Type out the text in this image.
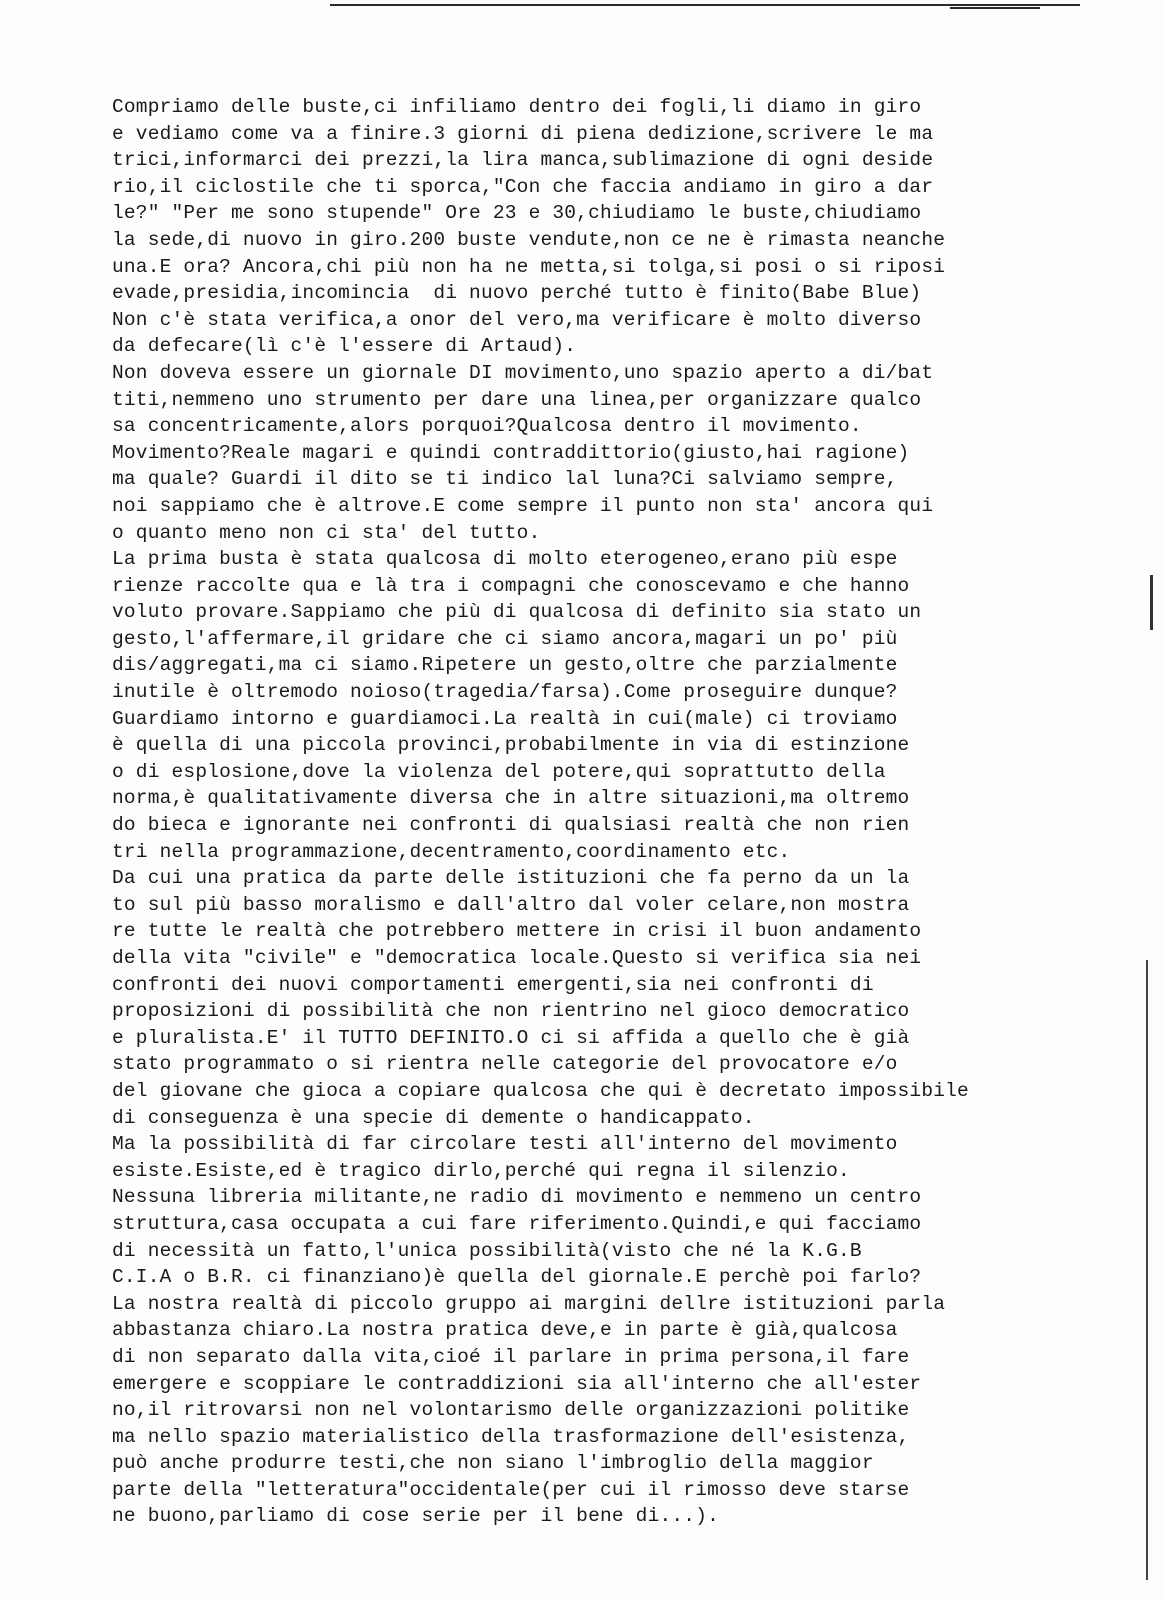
Compriamo delle buste,ci infiliamo dentro dei fogli,li diamo in giro
e vediamo come va a finire.3 giorni di piena dedizione,scrivere le ma
trici,informarci dei prezzi,la lira manca,sublimazione di ogni deside
rio,il ciclostile che ti sporca,"Con che faccia andiamo in giro a dar
le?" "Per me sono stupende" Ore 23 e 30,chiudiamo le buste,chiudiamo
la sede,di nuovo in giro.200 buste vendute,non ce ne è rimasta neanche
una.E ora? Ancora,chi più non ha ne metta,si tolga,si posi o si riposi
evade,presidia,incomincia  di nuovo perché tutto è finito(Babe Blue)
Non c'è stata verifica,a onor del vero,ma verificare è molto diverso
da defecare(lì c'è l'essere di Artaud).
Non doveva essere un giornale DI movimento,uno spazio aperto a di/bat
titi,nemmeno uno strumento per dare una linea,per organizzare qualco
sa concentricamente,alors porquoi?Qualcosa dentro il movimento.
Movimento?Reale magari e quindi contraddittorio(giusto,hai ragione)
ma quale? Guardi il dito se ti indico lal luna?Ci salviamo sempre,
noi sappiamo che è altrove.E come sempre il punto non sta' ancora qui
o quanto meno non ci sta' del tutto.
La prima busta è stata qualcosa di molto eterogeneo,erano più espe
rienze raccolte qua e là tra i compagni che conoscevamo e che hanno
voluto provare.Sappiamo che più di qualcosa di definito sia stato un
gesto,l'affermare,il gridare che ci siamo ancora,magari un po' più
dis/aggregati,ma ci siamo.Ripetere un gesto,oltre che parzialmente
inutile è oltremodo noioso(tragedia/farsa).Come proseguire dunque?
Guardiamo intorno e guardiamoci.La realtà in cui(male) ci troviamo
è quella di una piccola provinci,probabilmente in via di estinzione
o di esplosione,dove la violenza del potere,qui soprattutto della
norma,è qualitativamente diversa che in altre situazioni,ma oltremo
do bieca e ignorante nei confronti di qualsiasi realtà che non rien
tri nella programmazione,decentramento,coordinamento etc.
Da cui una pratica da parte delle istituzioni che fa perno da un la
to sul più basso moralismo e dall'altro dal voler celare,non mostra
re tutte le realtà che potrebbero mettere in crisi il buon andamento
della vita "civile" e "democratica locale.Questo si verifica sia nei
confronti dei nuovi comportamenti emergenti,sia nei confronti di
proposizioni di possibilità che non rientrino nel gioco democratico
e pluralista.E' il TUTTO DEFINITO.O ci si affida a quello che è già
stato programmato o si rientra nelle categorie del provocatore e/o
del giovane che gioca a copiare qualcosa che qui è decretato impossibile
di conseguenza è una specie di demente o handicappato.
Ma la possibilità di far circolare testi all'interno del movimento
esiste.Esiste,ed è tragico dirlo,perché qui regna il silenzio.
Nessuna libreria militante,ne radio di movimento e nemmeno un centro
struttura,casa occupata a cui fare riferimento.Quindi,e qui facciamo
di necessità un fatto,l'unica possibilità(visto che né la K.G.B
C.I.A o B.R. ci finanziano)è quella del giornale.E perchè poi farlo?
La nostra realtà di piccolo gruppo ai margini dellre istituzioni parla
abbastanza chiaro.La nostra pratica deve,e in parte è già,qualcosa
di non separato dalla vita,cioé il parlare in prima persona,il fare
emergere e scoppiare le contraddizioni sia all'interno che all'ester
no,il ritrovarsi non nel volontarismo delle organizzazioni politike
ma nello spazio materialistico della trasformazione dell'esistenza,
può anche produrre testi,che non siano l'imbroglio della maggior
parte della "letteratura"occidentale(per cui il rimosso deve starse
ne buono,parliamo di cose serie per il bene di...).
